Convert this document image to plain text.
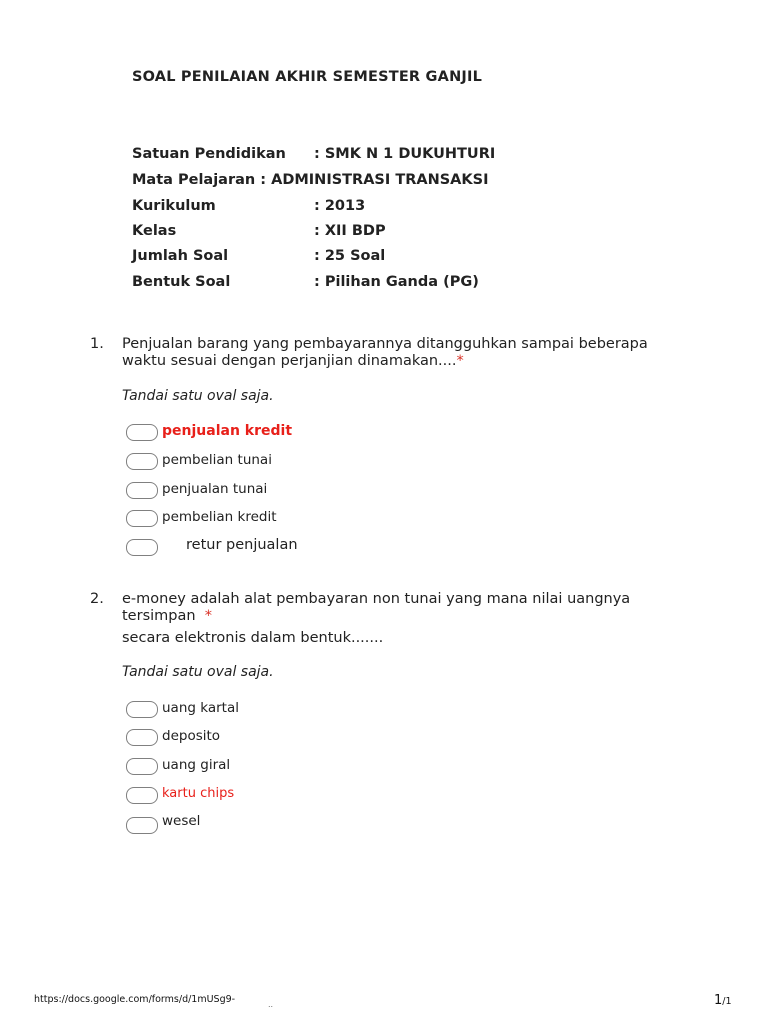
SOAL PENILAIAN AKHIR SEMESTER GANJIL
Satuan Pendidikan : SMK N 1 DUKUHTURI
Mata Pelajaran : ADMINISTRASI TRANSAKSI
Kurikulum	: 2013
Kelas	: XII BDP
Jumlah Soal	: 25 Soal
Bentuk Soal	: Pilihan Ganda (PG)
1. Penjualan barang yang pembayarannya ditangguhkan sampai beberapa
waktu sesuai dengan perjanjian dinamakan....*
Tandai satu oval saja.
penjualan kredit
pembelian tunai
penjualan tunai
pembelian kredit
retur penjualan
2. e-money adalah alat pembayaran non tunai yang mana nilai uangnya
tersimpan *
secara elektronis dalam bentuk.......
Tandai satu oval saja.
uang kartal
deposito
uang giral
kartu chips
wesel
https://docs.google.com/forms/d/1mUSg9-	..	1/1
